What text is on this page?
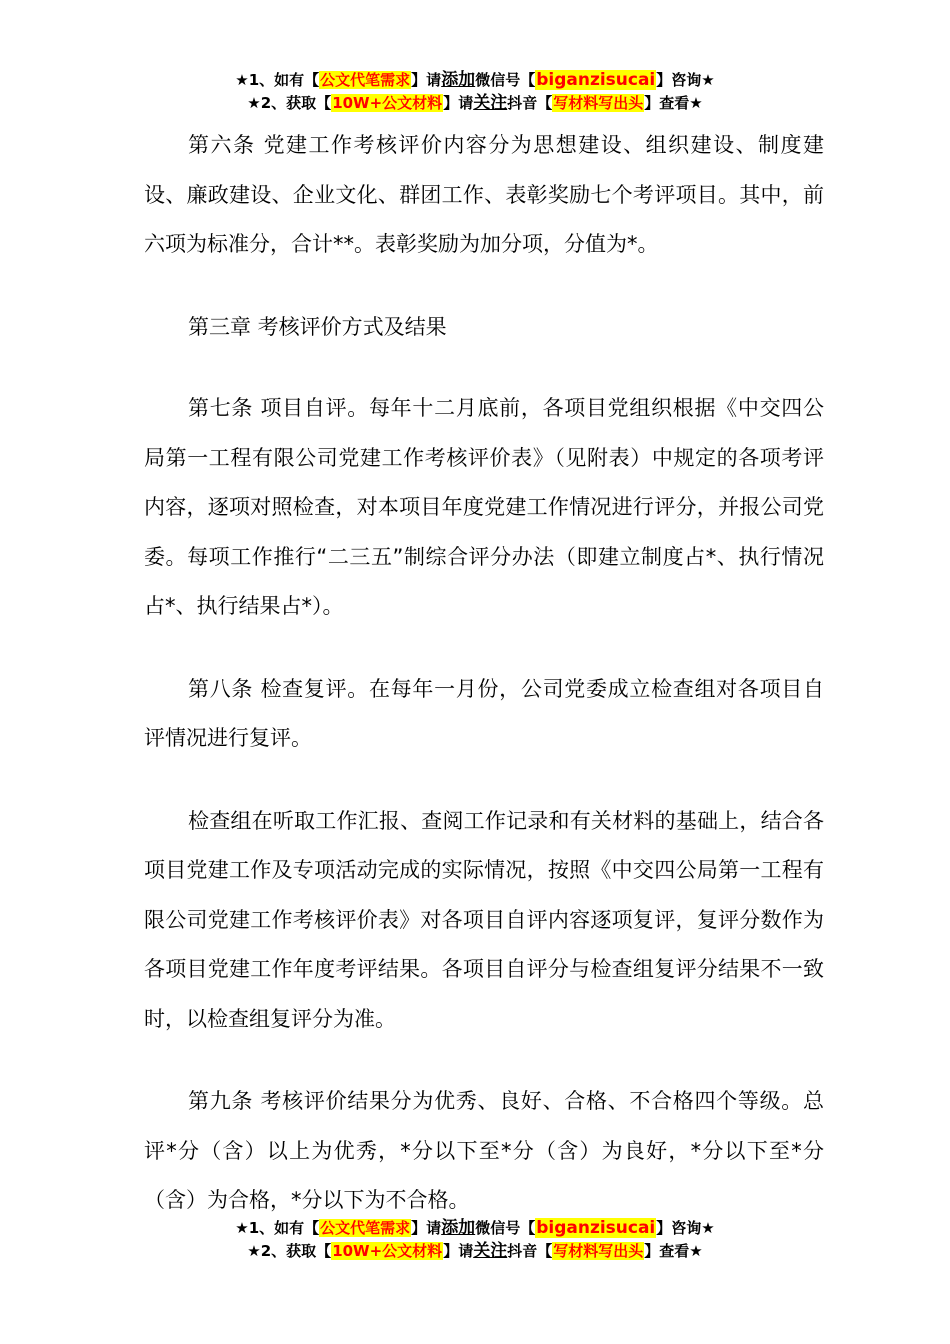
★1、如有【公文代笔需求】请添加微信号【biganzisucai】咨询★
★2、获取【10W+公文材料】请关注抖音【写材料写出头】查看★

第六条 党建工作考核评价内容分为思想建设、组织建设、制度建设、廉政建设、企业文化、群团工作、表彰奖励七个考评项目。其中，前六项为标准分，合计**。表彰奖励为加分项，分值为*。

第三章 考核评价方式及结果

第七条 项目自评。每年十二月底前，各项目党组织根据《中交四公局第一工程有限公司党建工作考核评价表》（见附表）中规定的各项考评内容，逐项对照检查，对本项目年度党建工作情况进行评分，并报公司党委。每项工作推行“二三五”制综合评分办法（即建立制度占*、执行情况占*、执行结果占*）。

第八条 检查复评。在每年一月份，公司党委成立检查组对各项目自评情况进行复评。

检查组在听取工作汇报、查阅工作记录和有关材料的基础上，结合各项目党建工作及专项活动完成的实际情况，按照《中交四公局第一工程有限公司党建工作考核评价表》对各项目自评内容逐项复评，复评分数作为各项目党建工作年度考评结果。各项目自评分与检查组复评分结果不一致时，以检查组复评分为准。

第九条 考核评价结果分为优秀、良好、合格、不合格四个等级。总评*分（含）以上为优秀，*分以下至*分（含）为良好，*分以下至*分（含）为合格，*分以下为不合格。

★1、如有【公文代笔需求】请添加微信号【biganzisucai】咨询★
★2、获取【10W+公文材料】请关注抖音【写材料写出头】查看★
